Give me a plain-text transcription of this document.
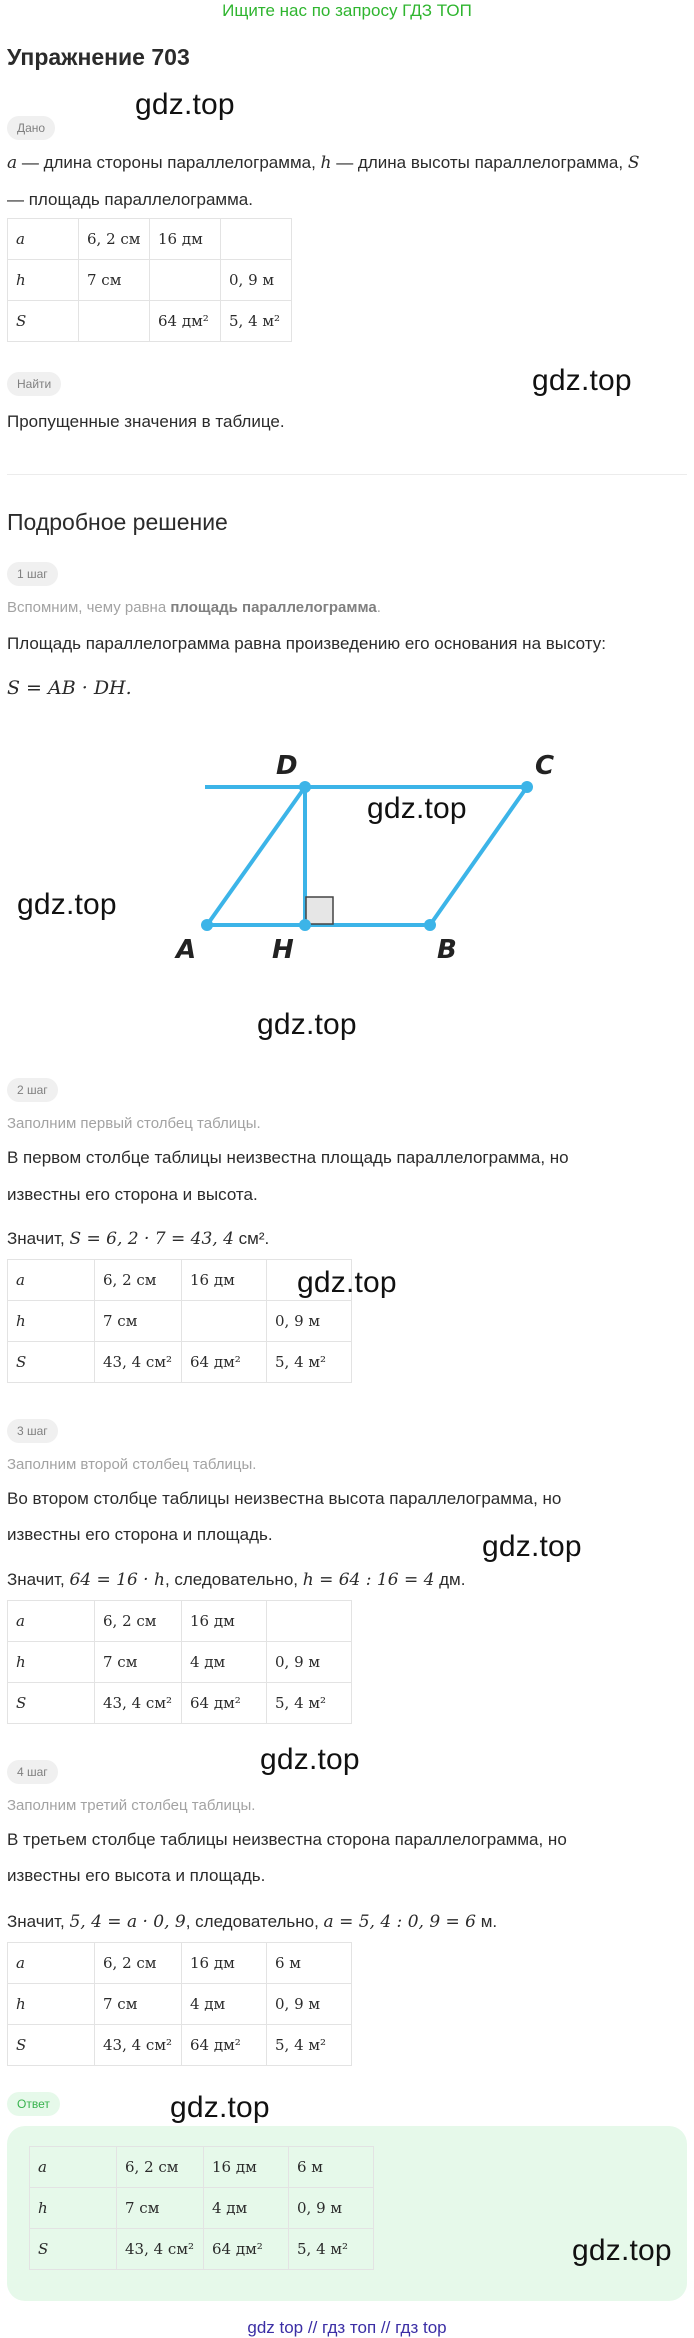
Ищите нас по запросу ГДЗ ТОП
Упражнение 703
Дано
gdz.top
a — длина стороны параллелограмма, h — длина высоты параллелограмма, S
— площадь параллелограмма.
a	6, 2 см	16 дм	
h	7 см		0, 9 м
S		64 дм²	5, 4 м²
Найти	gdz.top
Пропущенные значения в таблице.
Подробное решение
1 шаг
Вспомним, чему равна площадь параллелограмма.
Площадь параллелограмма равна произведению его основания на высоту:
S = AB · DH.
D	C
A	H	B
gdz.top
gdz.top
gdz.top
2 шаг
Заполним первый столбец таблицы.
В первом столбце таблицы неизвестна площадь параллелограмма, но
известны его сторона и высота.
Значит, S = 6, 2 · 7 = 43, 4 см².
a	6, 2 см	16 дм	
h	7 см		0, 9 м
S	43, 4 см²	64 дм²	5, 4 м²
gdz.top
3 шаг
Заполним второй столбец таблицы.
Во втором столбце таблицы неизвестна высота параллелограмма, но
известны его сторона и площадь.	gdz.top
Значит, 64 = 16 · h, следовательно, h = 64 : 16 = 4 дм.
a	6, 2 см	16 дм	
h	7 см	4 дм	0, 9 м
S	43, 4 см²	64 дм²	5, 4 м²
gdz.top
4 шаг
Заполним третий столбец таблицы.
В третьем столбце таблицы неизвестна сторона параллелограмма, но
известны его высота и площадь.
Значит, 5, 4 = a · 0, 9, следовательно, a = 5, 4 : 0, 9 = 6 м.
a	6, 2 см	16 дм	6 м
h	7 см	4 дм	0, 9 м
S	43, 4 см²	64 дм²	5, 4 м²
Ответ	gdz.top
a	6, 2 см	16 дм	6 м
h	7 см	4 дм	0, 9 м
S	43, 4 см²	64 дм²	5, 4 м²	gdz.top
gdz top // гдз топ // гдз top
